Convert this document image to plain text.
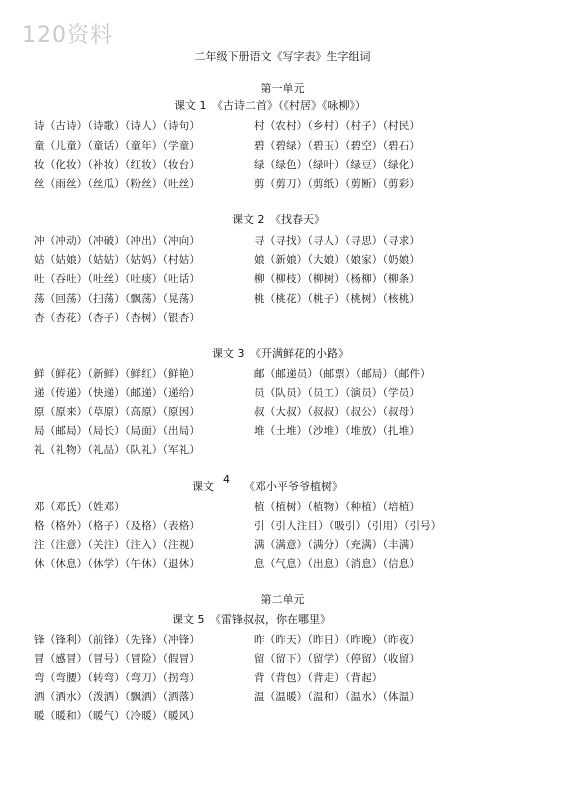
120资料
二年级下册语文《写字表》生字组词
第一单元
课文 1　《古诗二首》（《村居》《咏柳》）
诗（古诗）（诗歌）（诗人）（诗句）
童（儿童）（童话）（童年）（学童）
妆（化妆）（补妆）（红妆）（妆台）
丝（雨丝）（丝瓜）（粉丝）（吐丝）
村（农村）（乡村）（村子）（村民）
碧（碧绿）（碧玉）（碧空）（碧石）
绿（绿色）（绿叶）（绿豆）（绿化）
剪（剪刀）（剪纸）（剪断）（剪彩）
课文 2　《找春天》
冲（冲动）（冲破）（冲出）（冲向）
姑（姑娘）（姑姑）（姑妈）（村姑）
吐（吞吐）（吐丝）（吐痰）（吐话）
荡（回荡）（扫荡）（飘荡）（晃荡）
杏（杏花）（杏子）（杏树）（银杏）
寻（寻找）（寻人）（寻思）（寻求）
娘（新娘）（大娘）（娘家）（奶娘）
柳（柳枝）（柳树）（杨柳）（柳条）
桃（桃花）（桃子）（桃树）（核桃）
课文 3　《开满鲜花的小路》
鲜（鲜花）（新鲜）（鲜红）（鲜艳）
递（传递）（快递）（邮递）（递给）
原（原来）（草原）（高原）（原因）
局（邮局）（局长）（局面）（出局）
礼（礼物）（礼品）（队礼）（军礼）
邮（邮递员）（邮票）（邮局）（邮件）
员（队员）（员工）（演员）（学员）
叔（大叔）（叔叔）（叔公）（叔母）
堆（土堆）（沙堆）（堆放）（扎堆）
课文
4
《邓小平爷爷植树》
邓（邓氏）（姓邓）
格（格外）（格子）（及格）（表格）
注（注意）（关注）（注入）（注视）
休（休息）（休学）（午休）（退休）
植（植树）（植物）（种植）（培植）
引（引人注目）（吸引）（引用）（引号）
满（满意）（满分）（充满）（丰满）
息（气息）（出息）（消息）（信息）
第二单元
课文 5　《雷锋叔叔，你在哪里》
锋（锋利）（前锋）（先锋）（冲锋）
冒（感冒）（冒号）（冒险）（假冒）
弯（弯腰）（转弯）（弯刀）（拐弯）
洒（洒水）（泼洒）（飘洒）（洒落）
暖（暖和）（暖气）（冷暖）（暖风）
昨（昨天）（昨日）（昨晚）（昨夜）
留（留下）（留学）（停留）（收留）
背（背包）（背走）（背起）
温（温暖）（温和）（温水）（体温）
